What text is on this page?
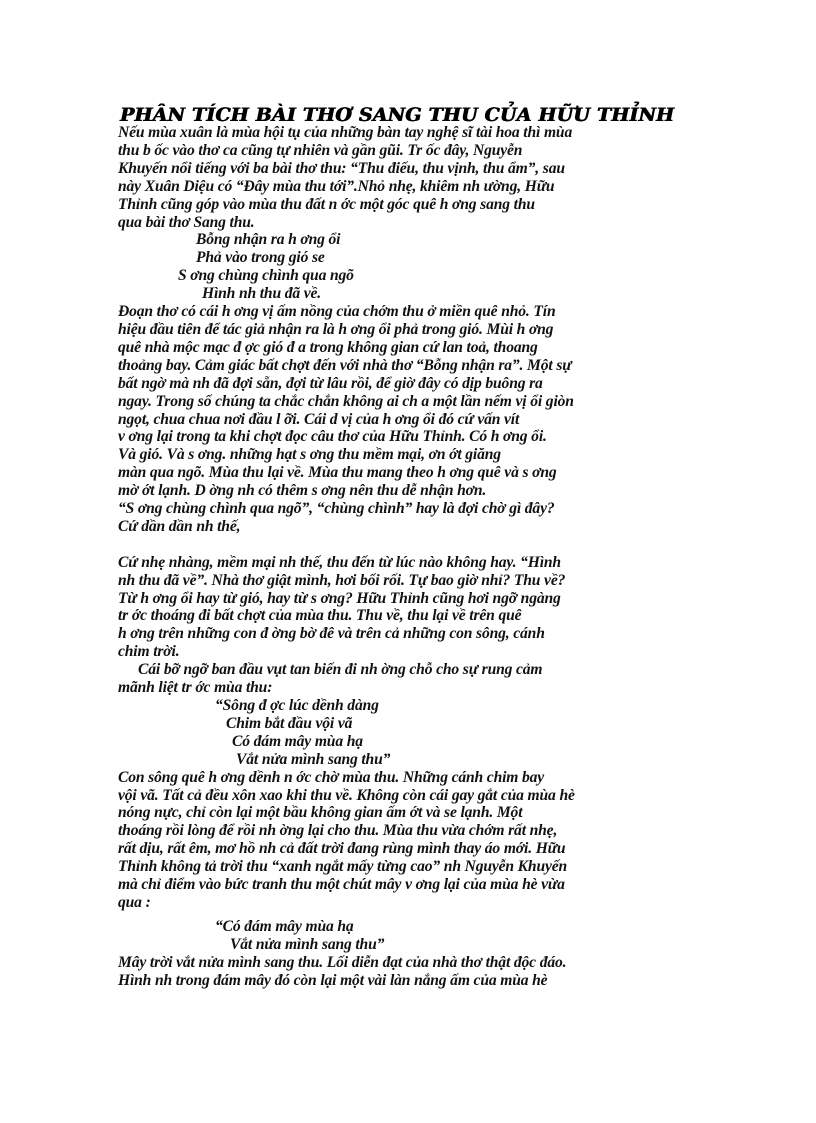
PHÂN TÍCH BÀI THƠ SANG THU CỦA HỮU THỈNH
Nếu mùa xuân là mùa hội tụ của những bàn tay nghệ sĩ tài hoa thì mùa
thu b ốc vào thơ ca cũng tự nhiên và gần gũi. Tr ốc đây, Nguyễn
Khuyến nổi tiếng với ba bài thơ thu: “Thu điếu, thu vịnh, thu ẩm”, sau
này Xuân Diệu có “Đây mùa thu tới”.Nhỏ nhẹ, khiêm nh ường, Hữu
Thỉnh cũng góp vào mùa thu đất n ớc một góc quê h ơng sang thu
qua bài thơ Sang thu.
Bỗng nhận ra h ơng ổi
Phả vào trong gió se
S ơng chùng chình qua ngõ
Hình nh thu đã về.
Đoạn thơ có cái h ơng vị ấm nồng của chớm thu ở miền quê nhỏ. Tín
hiệu đầu tiên để tác giả nhận ra là h ơng ổi phả trong gió. Mùi h ơng
quê nhà mộc mạc đ ợc gió đ a trong không gian cứ lan toả, thoang
thoảng bay. Cảm giác bất chợt đến với nhà thơ “Bỗng nhận ra”. Một sự
bất ngờ mà nh đã đợi sẵn, đợi từ lâu rồi, để giờ đây có dịp buông ra
ngay. Trong số chúng ta chắc chắn không ai ch a một lần nếm vị ổi giòn
ngọt, chua chua nơi đầu l ỡi. Cái d vị của h ơng ổi đó cứ vấn vít
v ơng lại trong ta khi chợt đọc câu thơ của Hữu Thỉnh. Có h ơng ổi.
Và gió. Và s ơng. những hạt s ơng thu mềm mại, ơn ớt giăng
màn qua ngõ. Mùa thu lại về. Mùa thu mang theo h ơng quê và s ơng
mờ ớt lạnh. D ờng nh có thêm s ơng nên thu dễ nhận hơn.
“S ơng chùng chình qua ngõ”, “chùng chình” hay là đợi chờ gì đây?
Cứ dần dần nh thế,

Cứ nhẹ nhàng, mềm mại nh thế, thu đến từ lúc nào không hay. “Hình
nh thu đã về”. Nhà thơ giật mình, hơi bối rối. Tự bao giờ nhỉ? Thu về?
Từ h ơng ổi hay từ gió, hay từ s ơng? Hữu Thỉnh cũng hơi ngỡ ngàng
tr ớc thoáng đi bất chợt của mùa thu. Thu về, thu lại về trên quê
h ơng trên những con đ ờng bờ đê và trên cả những con sông, cánh
chim trời.
Cái bỡ ngỡ ban đầu vụt tan biến đi nh ờng chỗ cho sự rung cảm
mãnh liệt tr ớc mùa thu:
“Sông đ ợc lúc dềnh dàng
Chim bắt đầu vội vã
Có đám mây mùa hạ
Vắt nửa mình sang thu”
Con sông quê h ơng dềnh n ớc chờ mùa thu. Những cánh chim bay
vội vã. Tất cả đều xôn xao khi thu về. Không còn cái gay gắt của mùa hè
nóng nực, chỉ còn lại một bầu không gian ấm ớt và se lạnh. Một
thoáng rồi lòng để rồi nh ờng lại cho thu. Mùa thu vừa chớm rất nhẹ,
rất dịu, rất êm, mơ hồ nh cả đất trời đang rùng mình thay áo mới. Hữu
Thỉnh không tả trời thu “xanh ngắt mấy từng cao” nh Nguyễn Khuyến
mà chỉ điểm vào bức tranh thu một chút mây v ơng lại của mùa hè vừa
qua :
“Có đám mây mùa hạ
Vắt nửa mình sang thu”
Mây trời vắt nửa mình sang thu. Lối diễn đạt của nhà thơ thật độc đáo.
Hình nh trong đám mây đó còn lại một vài làn nắng ấm của mùa hè
